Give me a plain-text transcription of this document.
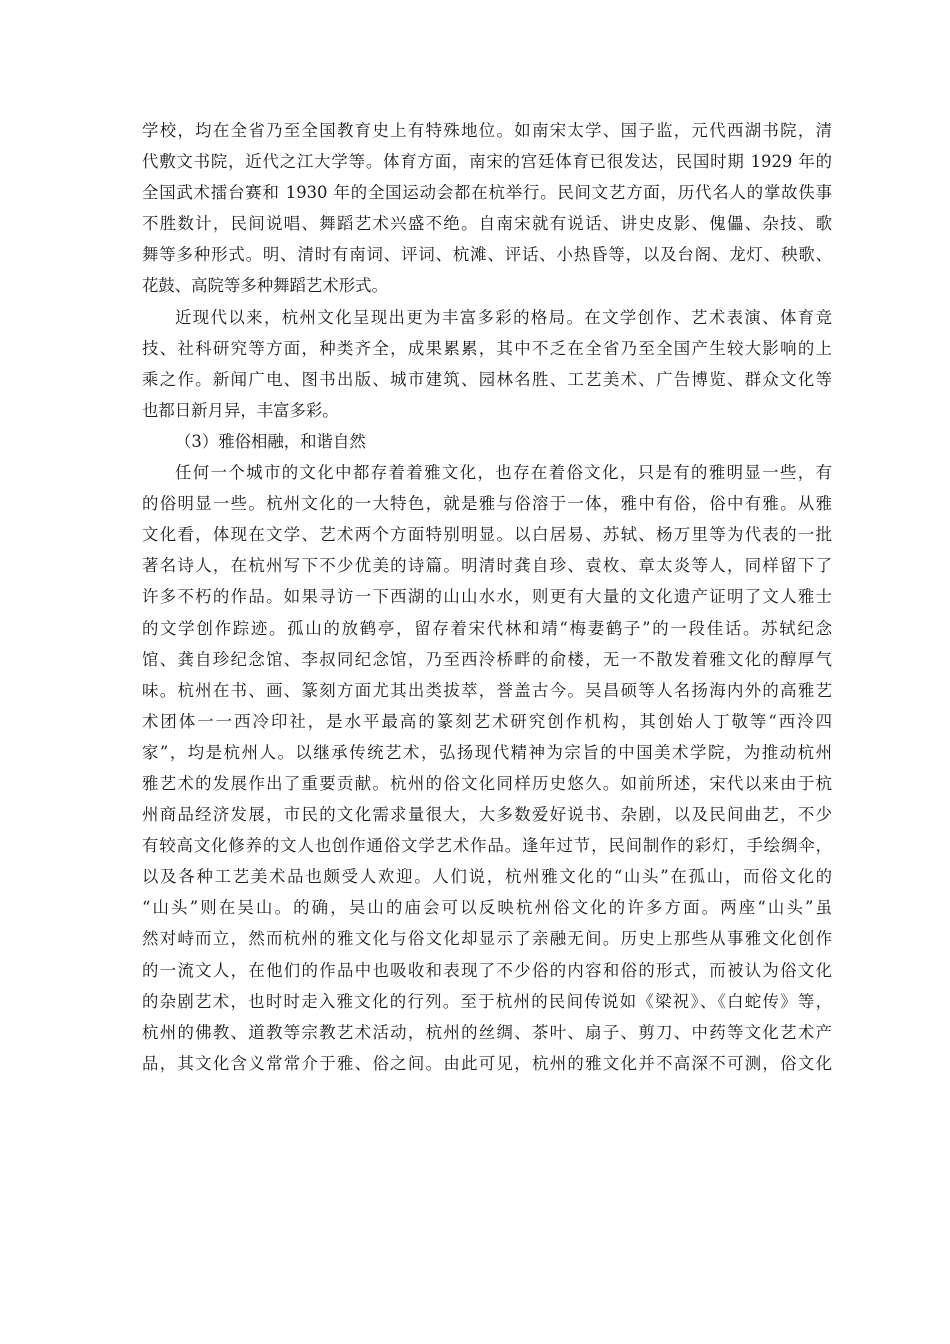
学校，均在全省乃至全国教育史上有特殊地位。如南宋太学、国子监，元代西湖书院，清
代敷文书院，近代之江大学等。体育方面，南宋的宫廷体育已很发达，民国时期 1929 年的
全国武术擂台赛和 1930 年的全国运动会都在杭举行。民间文艺方面，历代名人的掌故佚事
不胜数计，民间说唱、舞蹈艺术兴盛不绝。自南宋就有说话、讲史皮影、傀儡、杂技、歌
舞等多种形式。明、清时有南词、评词、杭滩、评话、小热昏等，以及台阁、龙灯、秧歌、
花鼓、高院等多种舞蹈艺术形式。
近现代以来，杭州文化呈现出更为丰富多彩的格局。在文学创作、艺术表演、体育竞
技、社科研究等方面，种类齐全，成果累累，其中不乏在全省乃至全国产生较大影响的上
乘之作。新闻广电、图书出版、城市建筑、园林名胜、工艺美术、广告博览、群众文化等
也都日新月异，丰富多彩。
（3）雅俗相融，和谐自然
任何一个城市的文化中都存着着雅文化，也存在着俗文化，只是有的雅明显一些，有
的俗明显一些。杭州文化的一大特色，就是雅与俗溶于一体，雅中有俗，俗中有雅。从雅
文化看，体现在文学、艺术两个方面特别明显。以白居易、苏轼、杨万里等为代表的一批
著名诗人，在杭州写下不少优美的诗篇。明清时龚自珍、袁枚、章太炎等人，同样留下了
许多不朽的作品。如果寻访一下西湖的山山水水，则更有大量的文化遗产证明了文人雅士
的文学创作踪迹。孤山的放鹤亭，留存着宋代林和靖“梅妻鹤子”的一段佳话。苏轼纪念
馆、龚自珍纪念馆、李叔同纪念馆，乃至西泠桥畔的俞楼，无一不散发着雅文化的醇厚气
味。杭州在书、画、篆刻方面尤其出类拔萃，誉盖古今。吴昌硕等人名扬海内外的高雅艺
术团体一一西冷印社，是水平最高的篆刻艺术研究创作机构，其创始人丁敬等“西泠四
家”，均是杭州人。以继承传统艺术，弘扬现代精神为宗旨的中国美术学院，为推动杭州
雅艺术的发展作出了重要贡献。杭州的俗文化同样历史悠久。如前所述，宋代以来由于杭
州商品经济发展，市民的文化需求量很大，大多数爱好说书、杂剧，以及民间曲艺，不少
有较高文化修养的文人也创作通俗文学艺术作品。逢年过节，民间制作的彩灯，手绘绸伞，
以及各种工艺美术品也颇受人欢迎。人们说，杭州雅文化的“山头”在孤山，而俗文化的
“山头”则在吴山。的确，吴山的庙会可以反映杭州俗文化的许多方面。两座“山头”虽
然对峙而立，然而杭州的雅文化与俗文化却显示了亲融无间。历史上那些从事雅文化创作
的一流文人，在他们的作品中也吸收和表现了不少俗的内容和俗的形式，而被认为俗文化
的杂剧艺术，也时时走入雅文化的行列。至于杭州的民间传说如《梁祝》、《白蛇传》等，
杭州的佛教、道教等宗教艺术活动，杭州的丝绸、茶叶、扇子、剪刀、中药等文化艺术产
品，其文化含义常常介于雅、俗之间。由此可见，杭州的雅文化并不高深不可测，俗文化
